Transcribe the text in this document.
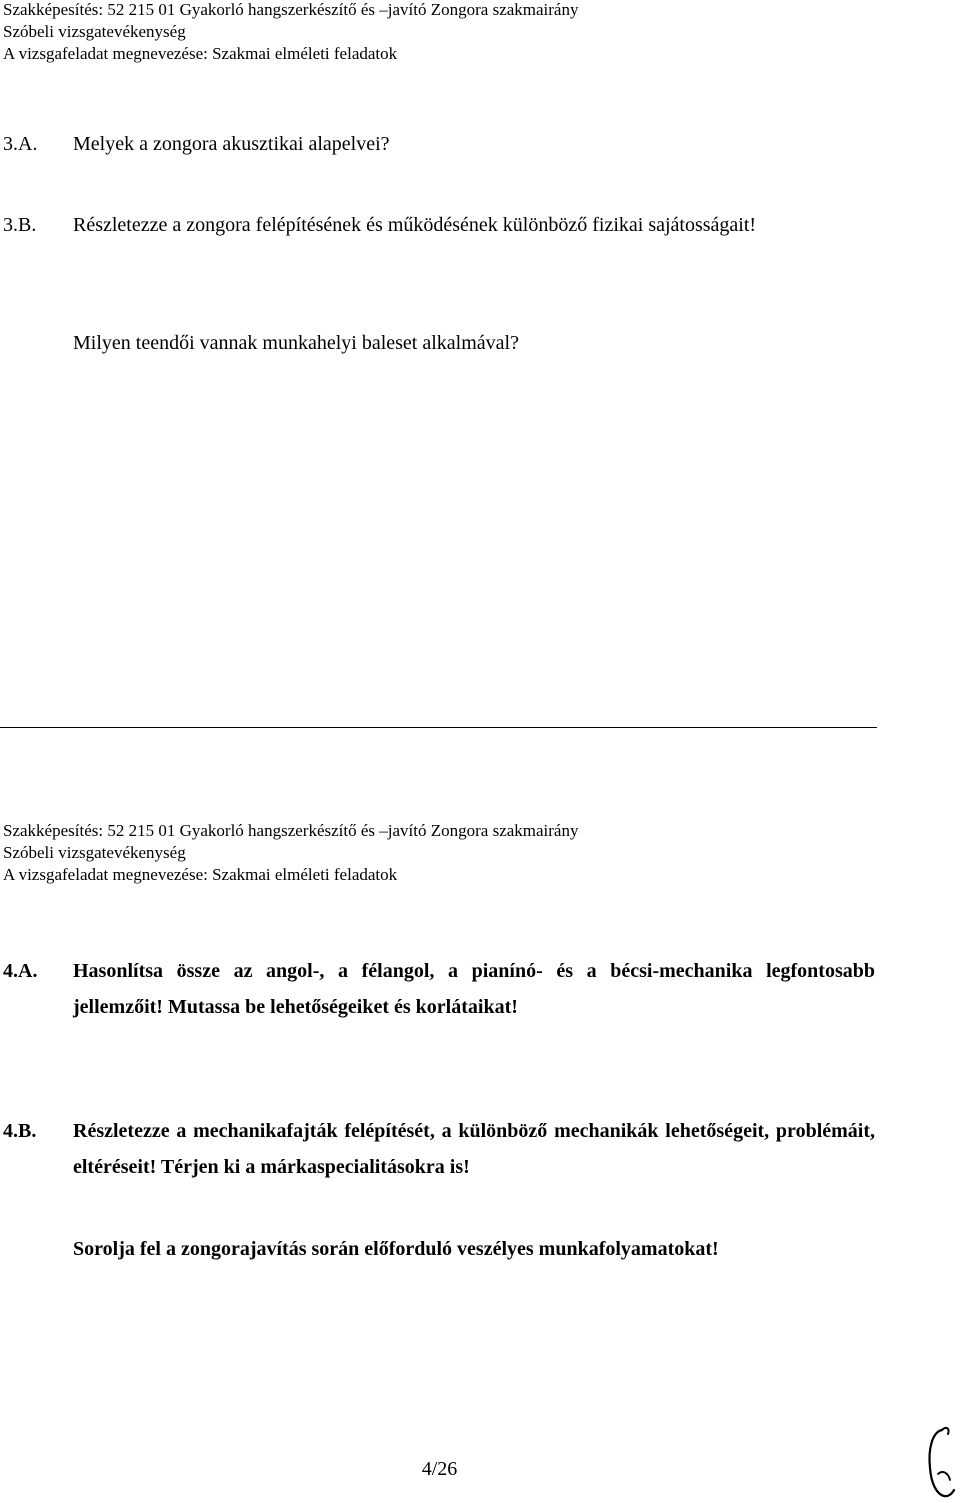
Szakképesítés: 52 215 01 Gyakorló hangszerkészítő és –javító Zongora szakmairány
Szóbeli vizsgatevékenység
A vizsgafeladat megnevezése: Szakmai elméleti feladatok
3.A. Melyek a zongora akusztikai alapelvei?
3.B. Részletezze a zongora felépítésének és működésének különböző fizikai sajátosságait!
Milyen teendői vannak munkahelyi baleset alkalmával?
Szakképesítés: 52 215 01 Gyakorló hangszerkészítő és –javító Zongora szakmairány
Szóbeli vizsgatevékenység
A vizsgafeladat megnevezése: Szakmai elméleti feladatok
4.A. Hasonlítsa össze az angol-, a félangol, a pianínó- és a bécsi-mechanika legfontosabb jellemzőit! Mutassa be lehetőségeiket és korlátaikat!
4.B. Részletezze a mechanikafajták felépítését, a különböző mechanikák lehetőségeit, problémáit, eltéréseit! Térjen ki a márkaspecialitásokra is!
Sorolja fel a zongorajavítás során előforduló veszélyes munkafolyamatokat!
4/26
